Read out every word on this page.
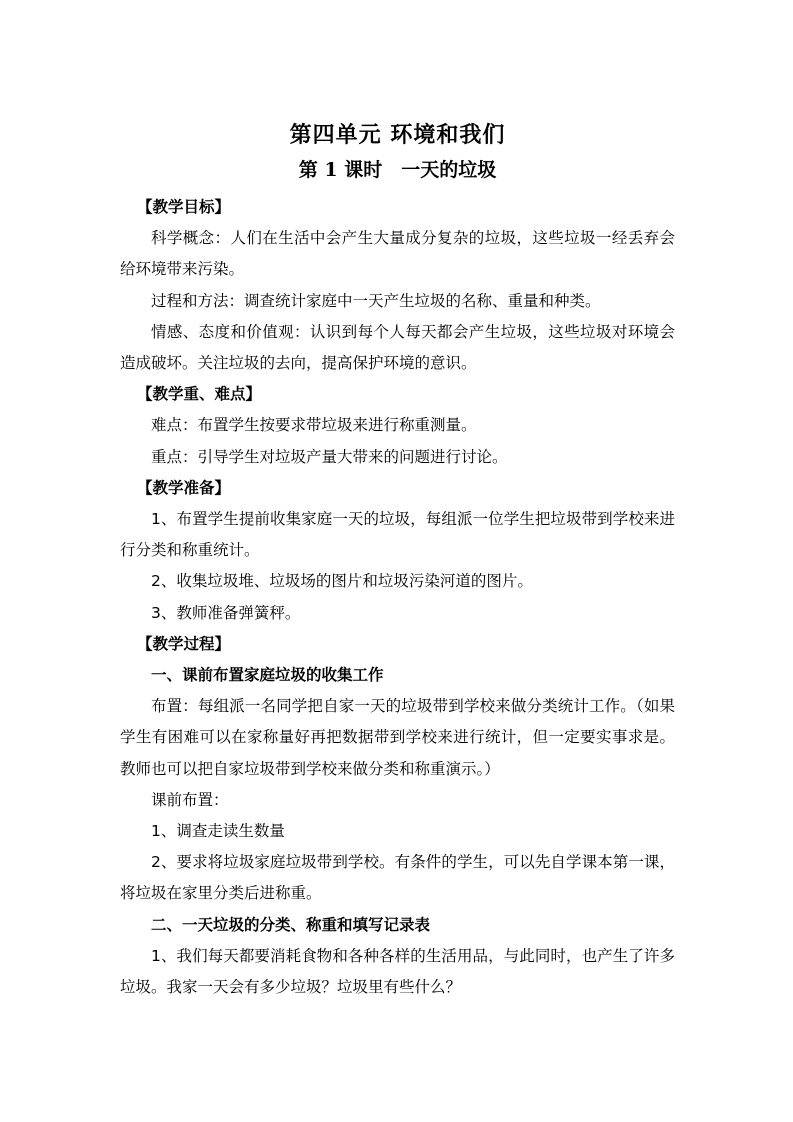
第四单元 环境和我们
第 1 课时　一天的垃圾

【教学目标】

科学概念：人们在生活中会产生大量成分复杂的垃圾，这些垃圾一经丢弃会给环境带来污染。

过程和方法：调查统计家庭中一天产生垃圾的名称、重量和种类。

情感、态度和价值观：认识到每个人每天都会产生垃圾，这些垃圾对环境会造成破坏。关注垃圾的去向，提高保护环境的意识。

【教学重、难点】

难点：布置学生按要求带垃圾来进行称重测量。

重点：引导学生对垃圾产量大带来的问题进行讨论。

【教学准备】

1、布置学生提前收集家庭一天的垃圾，每组派一位学生把垃圾带到学校来进行分类和称重统计。

2、收集垃圾堆、垃圾场的图片和垃圾污染河道的图片。

3、教师准备弹簧秤。

【教学过程】

一、课前布置家庭垃圾的收集工作

布置：每组派一名同学把自家一天的垃圾带到学校来做分类统计工作。（如果学生有困难可以在家称量好再把数据带到学校来进行统计，但一定要实事求是。教师也可以把自家垃圾带到学校来做分类和称重演示。）

课前布置：

1、调查走读生数量

2、要求将垃圾家庭垃圾带到学校。有条件的学生，可以先自学课本第一课，将垃圾在家里分类后进称重。

二、一天垃圾的分类、称重和填写记录表

1、我们每天都要消耗食物和各种各样的生活用品，与此同时，也产生了许多垃圾。我家一天会有多少垃圾？垃圾里有些什么？
